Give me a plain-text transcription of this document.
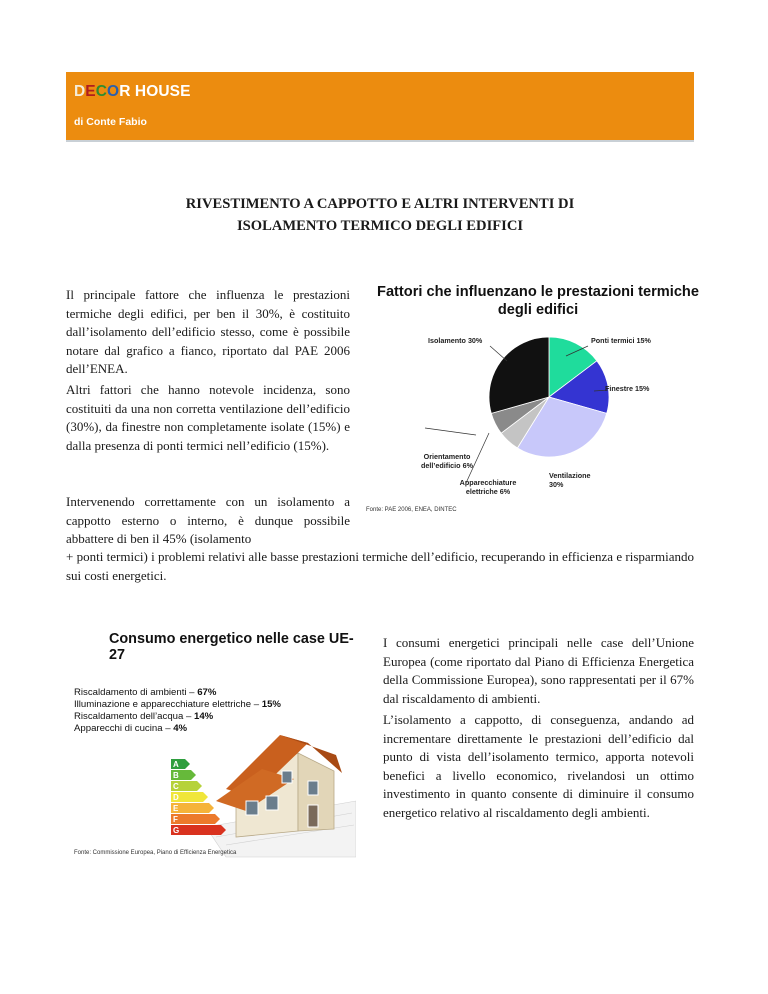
DECOR HOUSE
di Conte Fabio
RIVESTIMENTO A CAPPOTTO E ALTRI INTERVENTI DI
ISOLAMENTO TERMICO DEGLI EDIFICI

Il principale fattore che influenza le prestazioni termiche degli edifici, per ben il 30%, è costituito dall’isolamento dell’edificio stesso, come è possibile notare dal grafico a fianco, riportato dal PAE 2006 dell’ENEA.

Altri fattori che hanno notevole incidenza, sono costituiti da una non corretta ventilazione dell’edificio (30%), da finestre non completamente isolate (15%) e dalla presenza di ponti termici nell’edificio (15%).

Intervenendo correttamente con un isolamento a cappotto esterno o interno, è dunque possibile abbattere di ben il 45% (isolamento

+ ponti termici) i problemi relativi alle basse prestazioni termiche dell’edificio, recuperando in efficienza e risparmiando sui costi energetici.

I consumi energetici principali nelle case dell’Unione Europea (come riportato dal Piano di Efficienza Energetica della Commissione Europea), sono rappresentati per il 67% dal riscaldamento di ambienti.

L’isolamento a cappotto, di conseguenza, andando ad incrementare direttamente le prestazioni dell’edificio dal punto di vista dell’isolamento termico, apporta notevoli benefici a livello economico, rivelandosi un ottimo investimento in quanto consente di diminuire il consumo energetico relativo al riscaldamento degli ambienti.

Fattori che influenzano le prestazioni termiche degli edifici
Isolamento 30%	Ponti termici 15%
Finestre 15%
Orientamento dell’edificio 6%
Apparecchiature elettriche 6%
Ventilazione 30%
Fonte: PAE 2006, ENEA, DINTEC
Consumo energetico nelle case UE-27
Riscaldamento di ambienti – 67%
Illuminazione e apparecchiature elettriche – 15%
Riscaldamento dell’acqua – 14%
Apparecchi di cucina – 4%
A
B
C
D
E
F
G
Fonte: Commissione Europea, Piano di Efficienza Energetica
